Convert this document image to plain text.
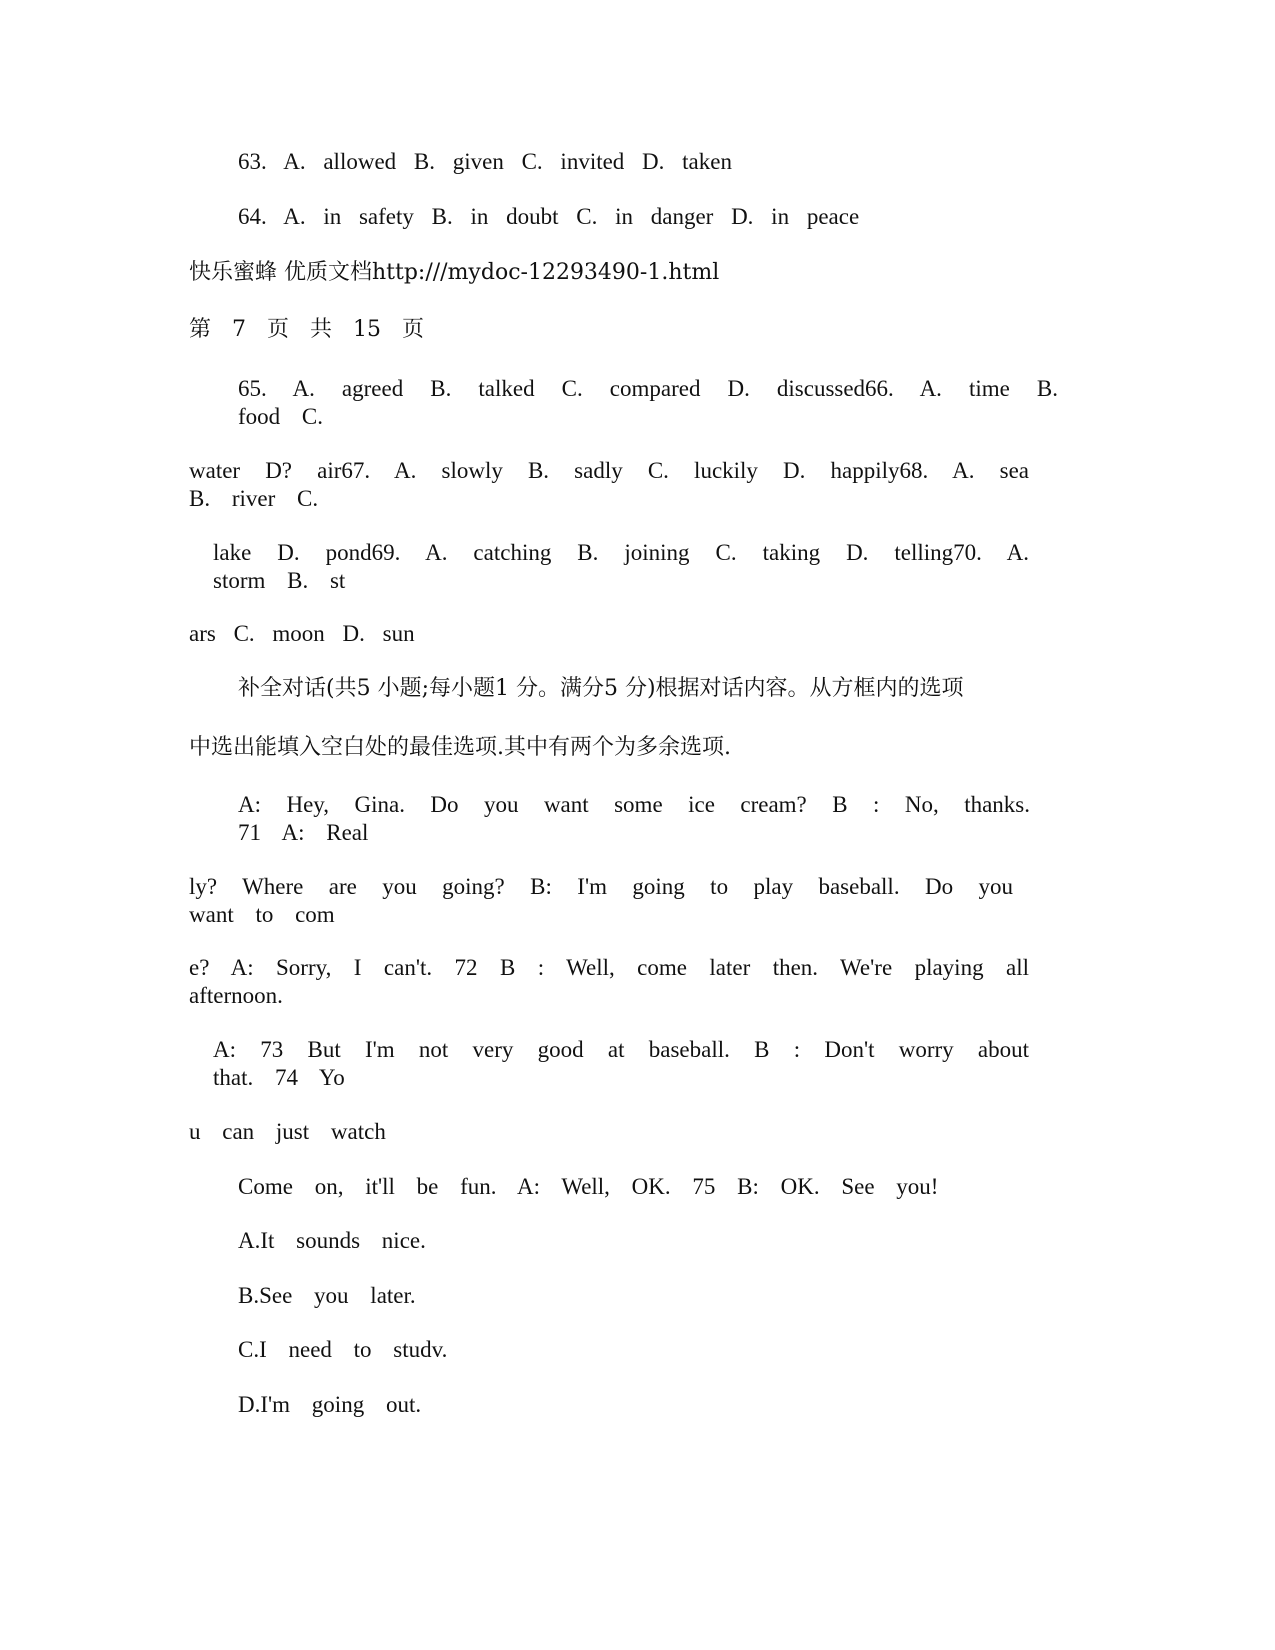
63. A. allowed B. given C. invited D. taken
64. A. in safety B. in doubt C. in danger D. in peace
快乐蜜蜂 优质文档http:///mydoc-12293490-1.html
第 7 页 共 15 页
65. A. agreed B. talked C. compared D. discussed66. A. time B. food C.
water D? air67. A. slowly B. sadly C. luckily D. happily68. A. sea B. river C.
lake D. pond69. A. catching B. joining C. taking D. telling70. A. storm B. st
ars C. moon D. sun
补全对话(共5 小题;每小题1 分。满分5 分)根据对话内容。从方框内的选项
中选出能填入空白处的最佳选项.其中有两个为多余选项.
A: Hey, Gina. Do you want some ice cream? B : No, thanks. 71 A: Real
ly? Where are you going? B: I'm going to play baseball. Do you want to com
e? A: Sorry, I can't. 72 B : Well, come later then. We're playing all afternoon.
A: 73 But I'm not very good at baseball. B : Don't worry about that. 74 Yo
u can just watch
Come on, it'll be fun. A: Well, OK. 75 B: OK. See you!
A.It sounds nice.
B.See you later.
C.I need to studv.
D.I'm going out.
